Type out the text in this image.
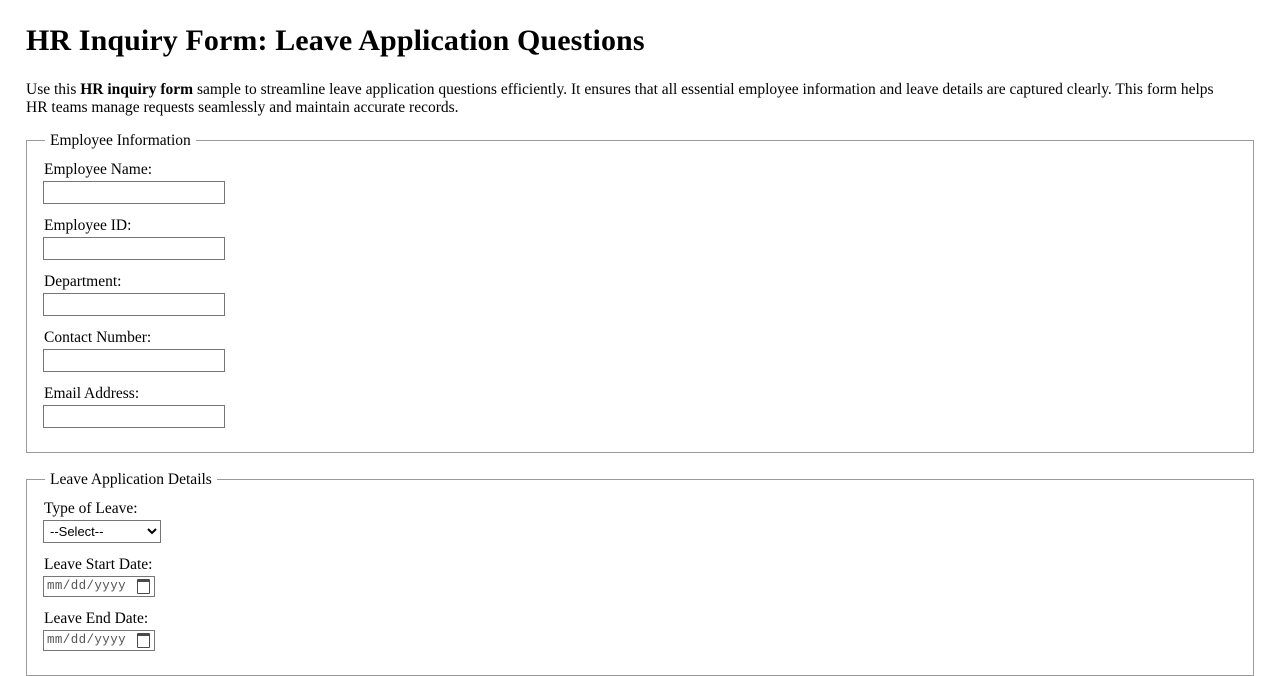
HR Inquiry Form: Leave Application Questions

Use this HR inquiry form sample to streamline leave application questions efficiently. It ensures that all essential employee information and leave details are captured clearly. This form helps HR teams manage requests seamlessly and maintain accurate records.

Employee Information
Employee Name:
Employee ID:
Department:
Contact Number:
Email Address:
Leave Application Details
Type of Leave:
--Select--
Leave Start Date:
mm/dd/yyyy
Leave End Date:
mm/dd/yyyy
